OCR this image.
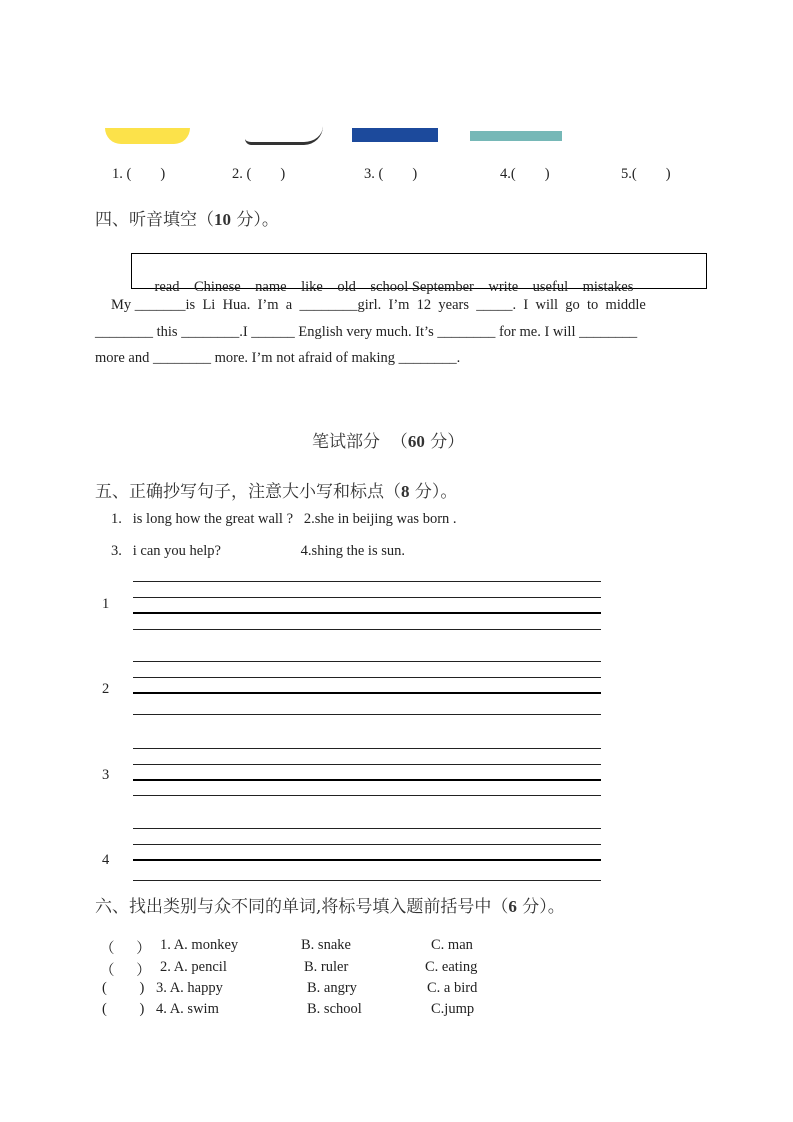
1. (        )	2. (        )	3. (        )	4.(        )	5.(        )
四、听音填空（10 分）。

read Chinese name like old school September write useful mistakes

My _______is  Li  Hua.  I’m  a  ________girl.  I’m  12  years  _____.  I  will  go  to  middle
________ this ________.I ______ English very much. It’s ________ for me. I will ________
more and ________ more. I’m not afraid of making ________.
笔试部分  （60 分）
五、正确抄写句子，注意大小写和标点（8 分）。
1.   is long how the great wall ?   2.she in beijing was born .
3.   i can you help?                      4.shing the is sun.
1
2
3
4
六、找出类别与众不同的单词,将标号填入题前括号中（6 分）。
（      ） 1. A. monkey	B. snake	C. man
（      ） 2. A. pencil	B. ruler	C. eating
(         ) 3. A. happy	B. angry	C. a bird
(         ) 4. A. swim	B. school	C.jump
